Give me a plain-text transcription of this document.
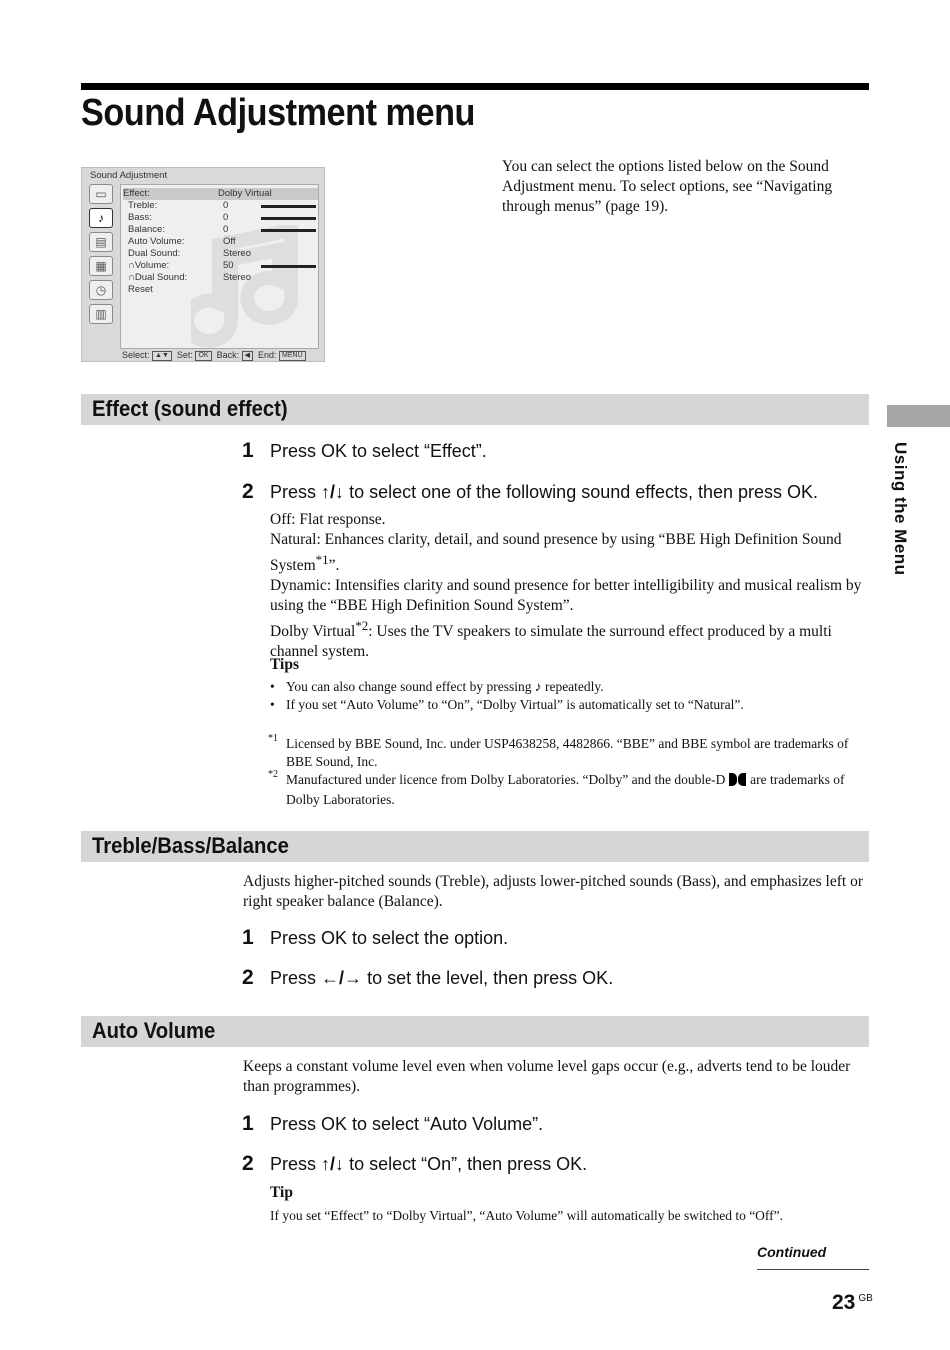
Sound Adjustment menu
You can select the options listed below on the Sound Adjustment menu. To select options, see “Navigating through menus” (page 19).
Sound Adjustment
▭
♪
▤
▦
◷
▥
Effect:	Dolby Virtual
Treble:	0
Bass:	0
Balance:	0
Auto Volume:	Off
Dual Sound:	Stereo
∩Volume:	50
∩Dual Sound:	Stereo
Reset
Select: ▲▼ Set: OK Back: ◀ End: MENU
Using the Menu
Effect (sound effect)
1 Press OK to select “Effect”.
2 Press ↑/↓ to select one of the following sound effects, then press OK.
Off: Flat response.
Natural: Enhances clarity, detail, and sound presence by using “BBE High Definition Sound System$^{*1}$”.
Dynamic: Intensifies clarity and sound presence for better intelligibility and musical realism by using the “BBE High Definition Sound System”.
Dolby Virtual$^{*2}$: Uses the TV speakers to simulate the surround effect produced by a multi channel system.
Tips
• You can also change sound effect by pressing ♪ repeatedly.
• If you set “Auto Volume” to “On”, “Dolby Virtual” is automatically set to “Natural”.
*1 Licensed by BBE Sound, Inc. under USP4638258, 4482866. “BBE” and BBE symbol are trademarks of BBE Sound, Inc.
*2 Manufactured under licence from Dolby Laboratories. “Dolby” and the double-D are trademarks of Dolby Laboratories.
Treble/Bass/Balance
Adjusts higher-pitched sounds (Treble), adjusts lower-pitched sounds (Bass), and emphasizes left or right speaker balance (Balance).
1 Press OK to select the option.
2 Press ←/→ to set the level, then press OK.
Auto Volume
Keeps a constant volume level even when volume level gaps occur (e.g., adverts tend to be louder than programmes).
1 Press OK to select “Auto Volume”.
2 Press ↑/↓ to select “On”, then press OK.
Tip
If you set “Effect” to “Dolby Virtual”, “Auto Volume” will automatically be switched to “Off”.
Continued
23 $^{GB}$
